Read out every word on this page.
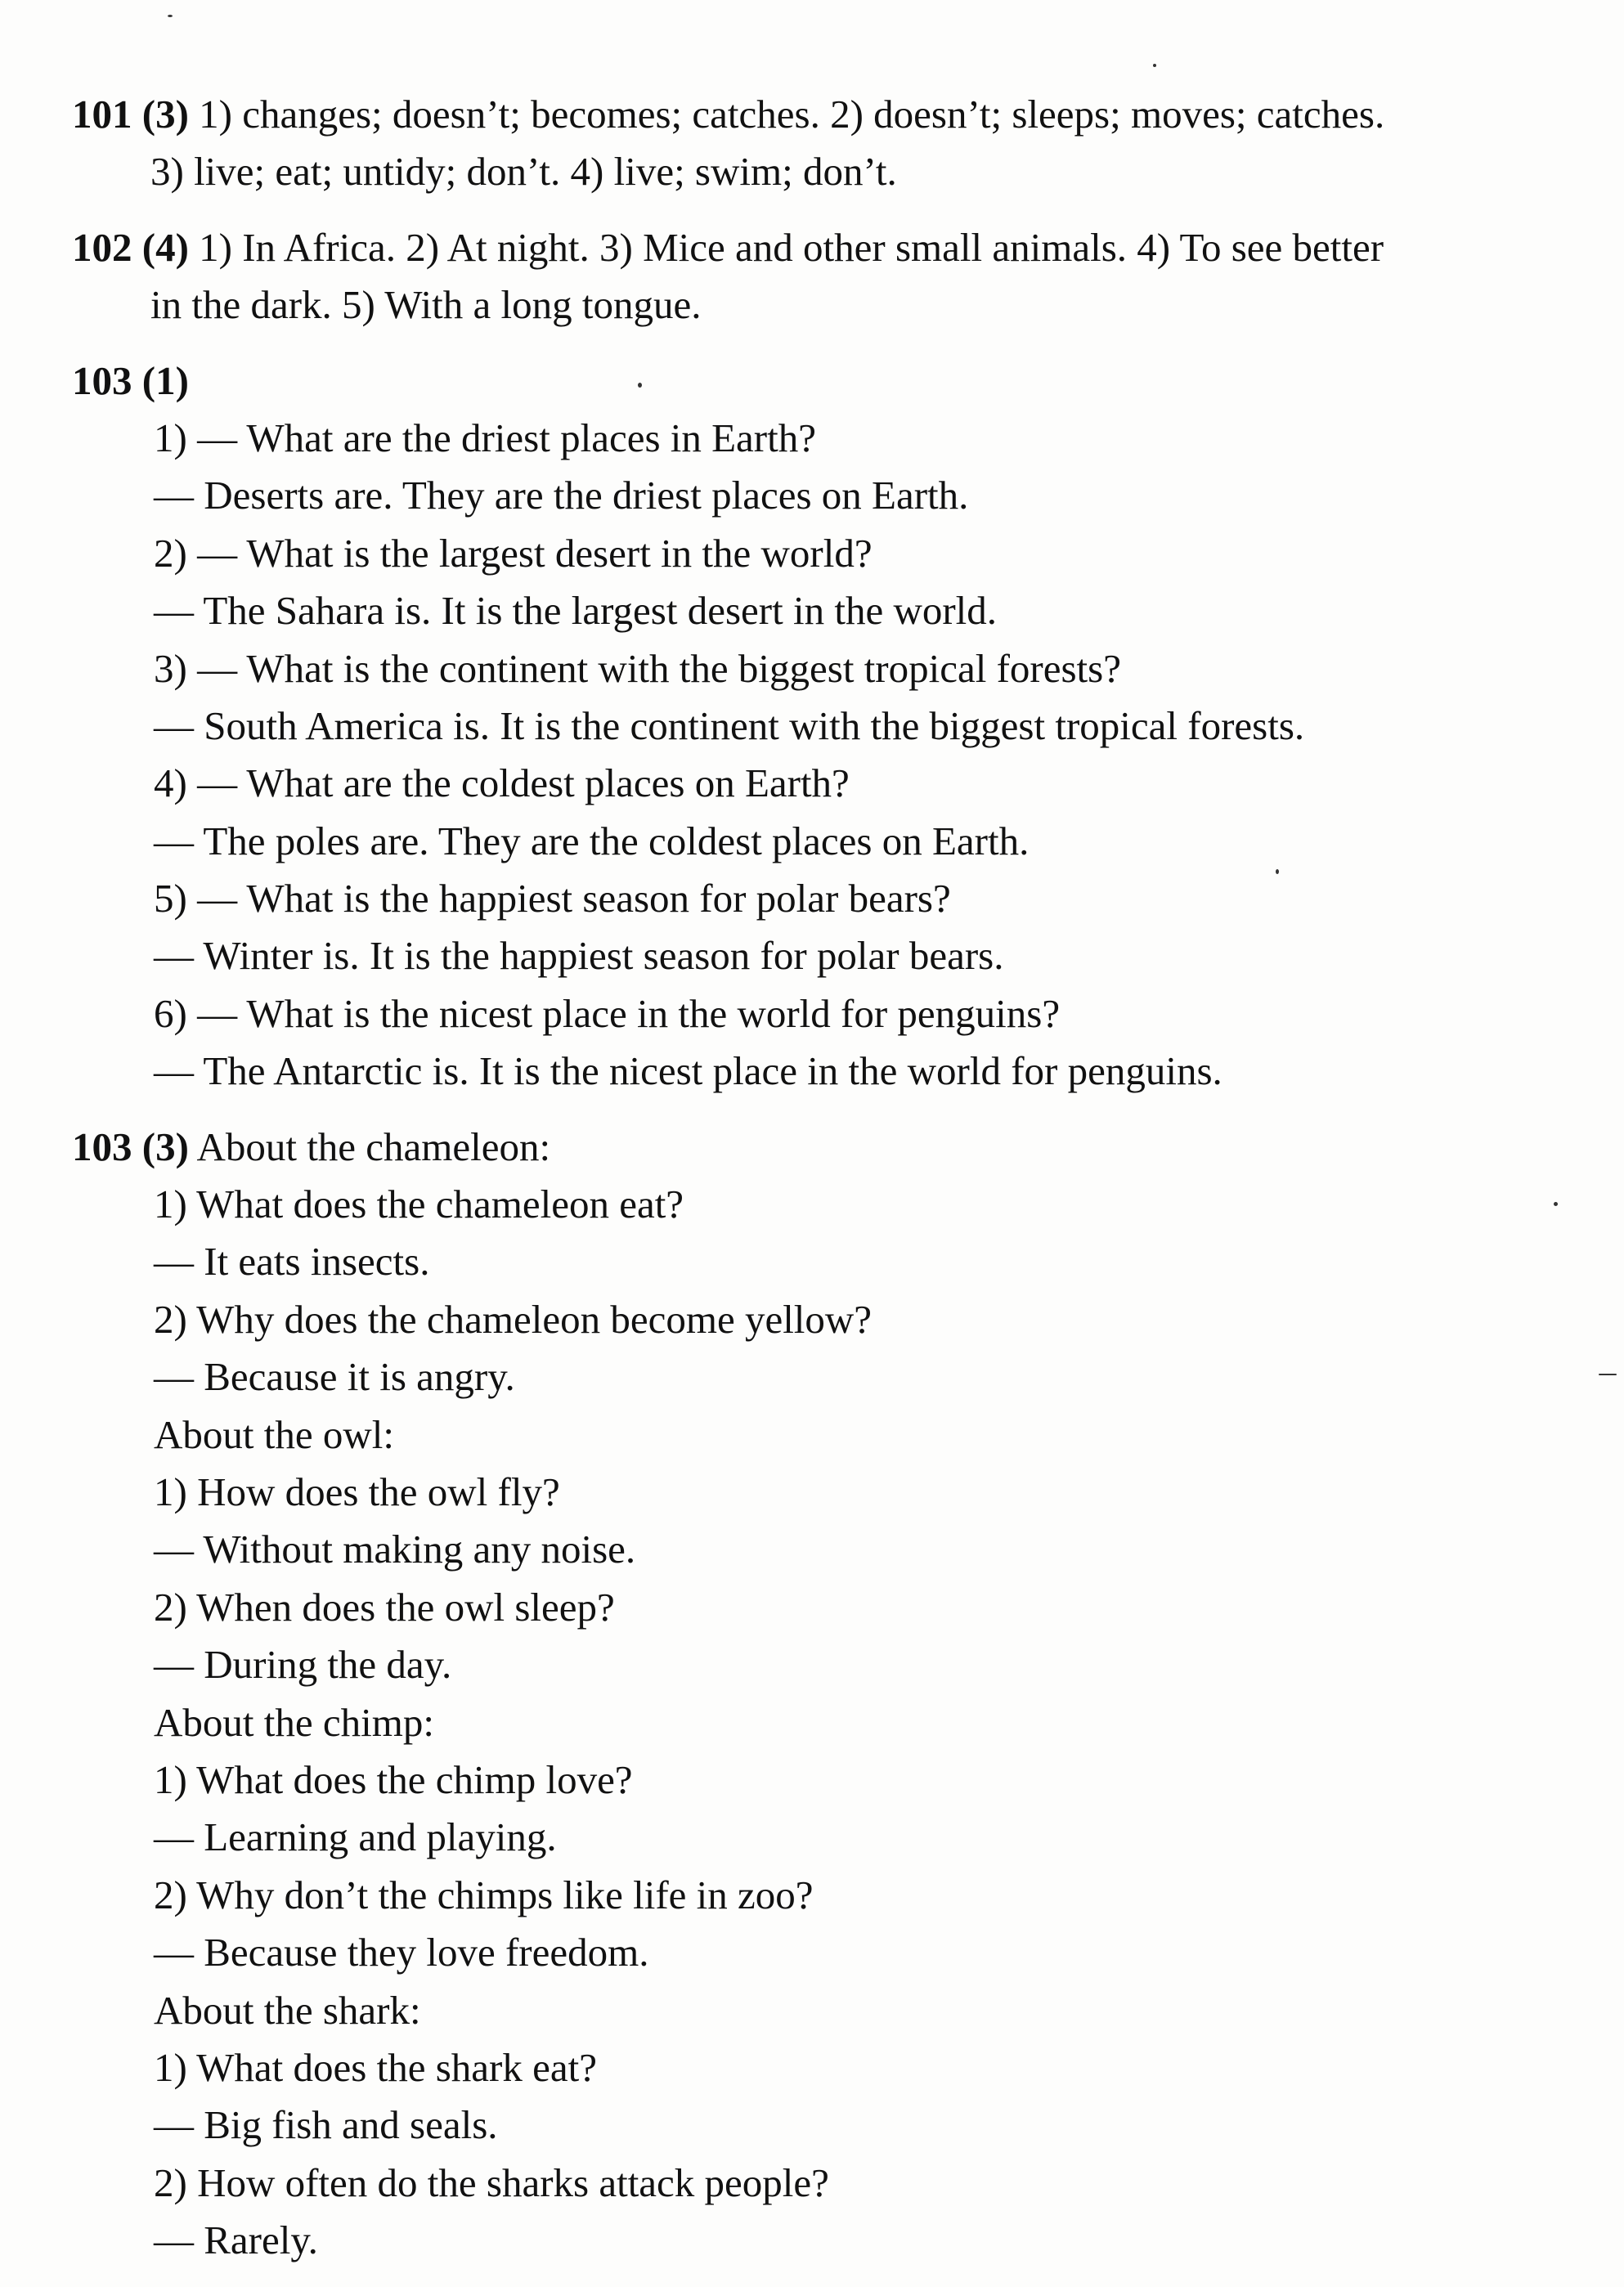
101 (3) 1) changes; doesn’t; becomes; catches. 2) doesn’t; sleeps; moves; catches.
3) live; eat; untidy; don’t. 4) live; swim; don’t.
102 (4) 1) In Africa. 2) At night. 3) Mice and other small animals. 4) To see better
in the dark. 5) With a long tongue.
103 (1)
1) — What are the driest places in Earth?
— Deserts are. They are the driest places on Earth.
2) — What is the largest desert in the world?
— The Sahara is. It is the largest desert in the world.
3) — What is the continent with the biggest tropical forests?
— South America is. It is the continent with the biggest tropical forests.
4) — What are the coldest places on Earth?
— The poles are. They are the coldest places on Earth.
5) — What is the happiest season for polar bears?
— Winter is. It is the happiest season for polar bears.
6) — What is the nicest place in the world for penguins?
— The Antarctic is. It is the nicest place in the world for penguins.
103 (3) About the chameleon:
1) What does the chameleon eat?
— It eats insects.
2) Why does the chameleon become yellow?
— Because it is angry.
About the owl:
1) How does the owl fly?
— Without making any noise.
2) When does the owl sleep?
— During the day.
About the chimp:
1) What does the chimp love?
— Learning and playing.
2) Why don’t the chimps like life in zoo?
— Because they love freedom.
About the shark:
1) What does the shark eat?
— Big fish and seals.
2) How often do the sharks attack people?
— Rarely.
